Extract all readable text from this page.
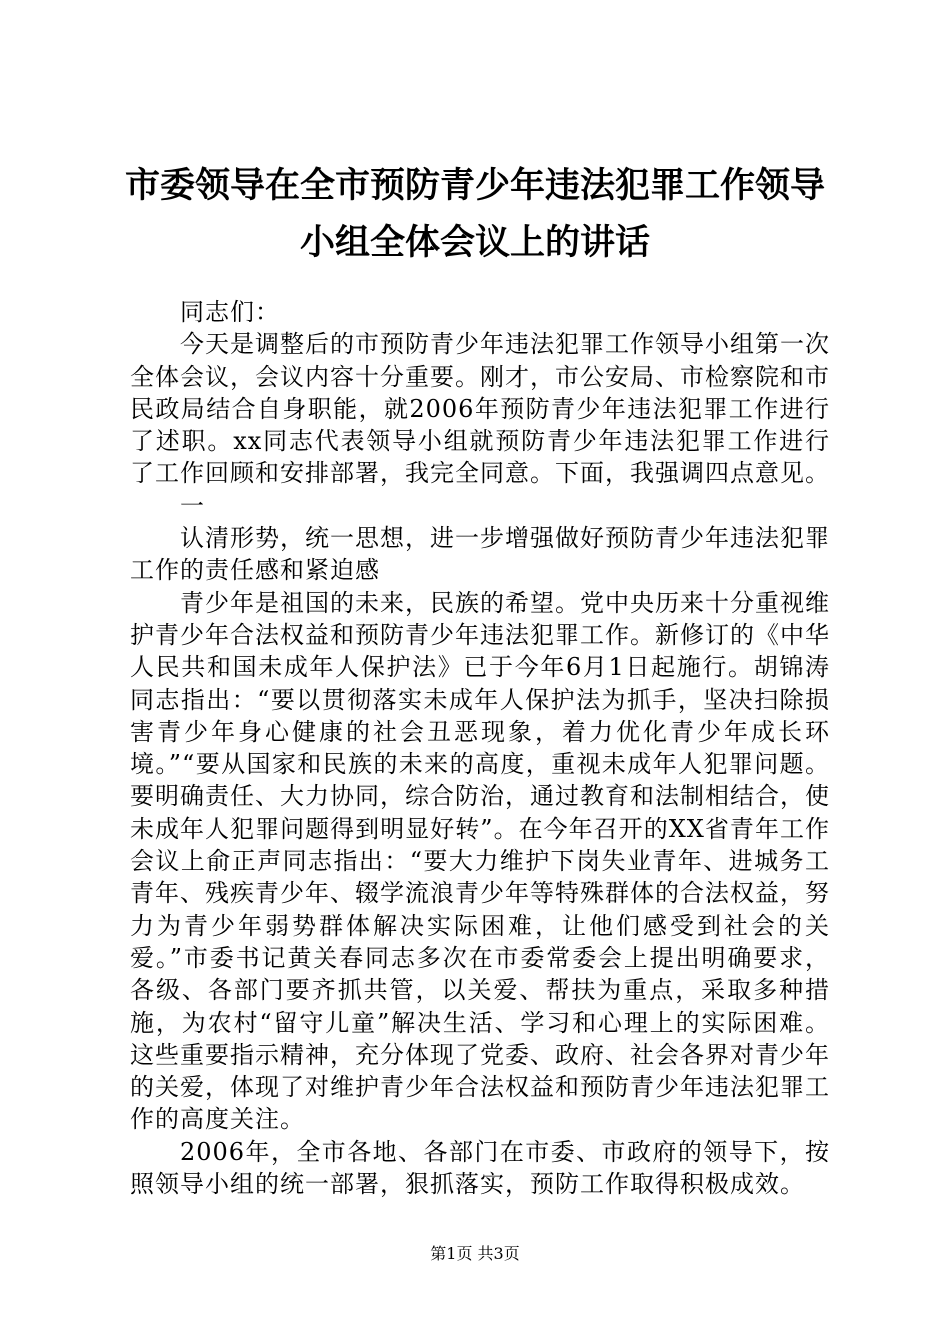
市委领导在全市预防青少年违法犯罪工作领导
小组全体会议上的讲话

同志们：

今天是调整后的市预防青少年违法犯罪工作领导小组第一次全体会议，会议内容十分重要。刚才，市公安局、市检察院和市民政局结合自身职能，就2006年预防青少年违法犯罪工作进行了述职。xx同志代表领导小组就预防青少年违法犯罪工作进行了工作回顾和安排部署，我完全同意。下面，我强调四点意见。

一

认清形势，统一思想，进一步增强做好预防青少年违法犯罪工作的责任感和紧迫感

青少年是祖国的未来，民族的希望。党中央历来十分重视维护青少年合法权益和预防青少年违法犯罪工作。新修订的《中华人民共和国未成年人保护法》已于今年6月1日起施行。胡锦涛同志指出：“要以贯彻落实未成年人保护法为抓手，坚决扫除损害青少年身心健康的社会丑恶现象，着力优化青少年成长环境。”“要从国家和民族的未来的高度，重视未成年人犯罪问题。要明确责任、大力协同，综合防治，通过教育和法制相结合，使未成年人犯罪问题得到明显好转”。在今年召开的XX省青年工作会议上俞正声同志指出：“要大力维护下岗失业青年、进城务工青年、残疾青少年、辍学流浪青少年等特殊群体的合法权益，努力为青少年弱势群体解决实际困难，让他们感受到社会的关爱。”市委书记黄关春同志多次在市委常委会上提出明确要求，各级、各部门要齐抓共管，以关爱、帮扶为重点，采取多种措施，为农村“留守儿童”解决生活、学习和心理上的实际困难。这些重要指示精神，充分体现了党委、政府、社会各界对青少年的关爱，体现了对维护青少年合法权益和预防青少年违法犯罪工作的高度关注。

2006年，全市各地、各部门在市委、市政府的领导下，按照领导小组的统一部署，狠抓落实，预防工作取得积极成效。

第1页 共3页
